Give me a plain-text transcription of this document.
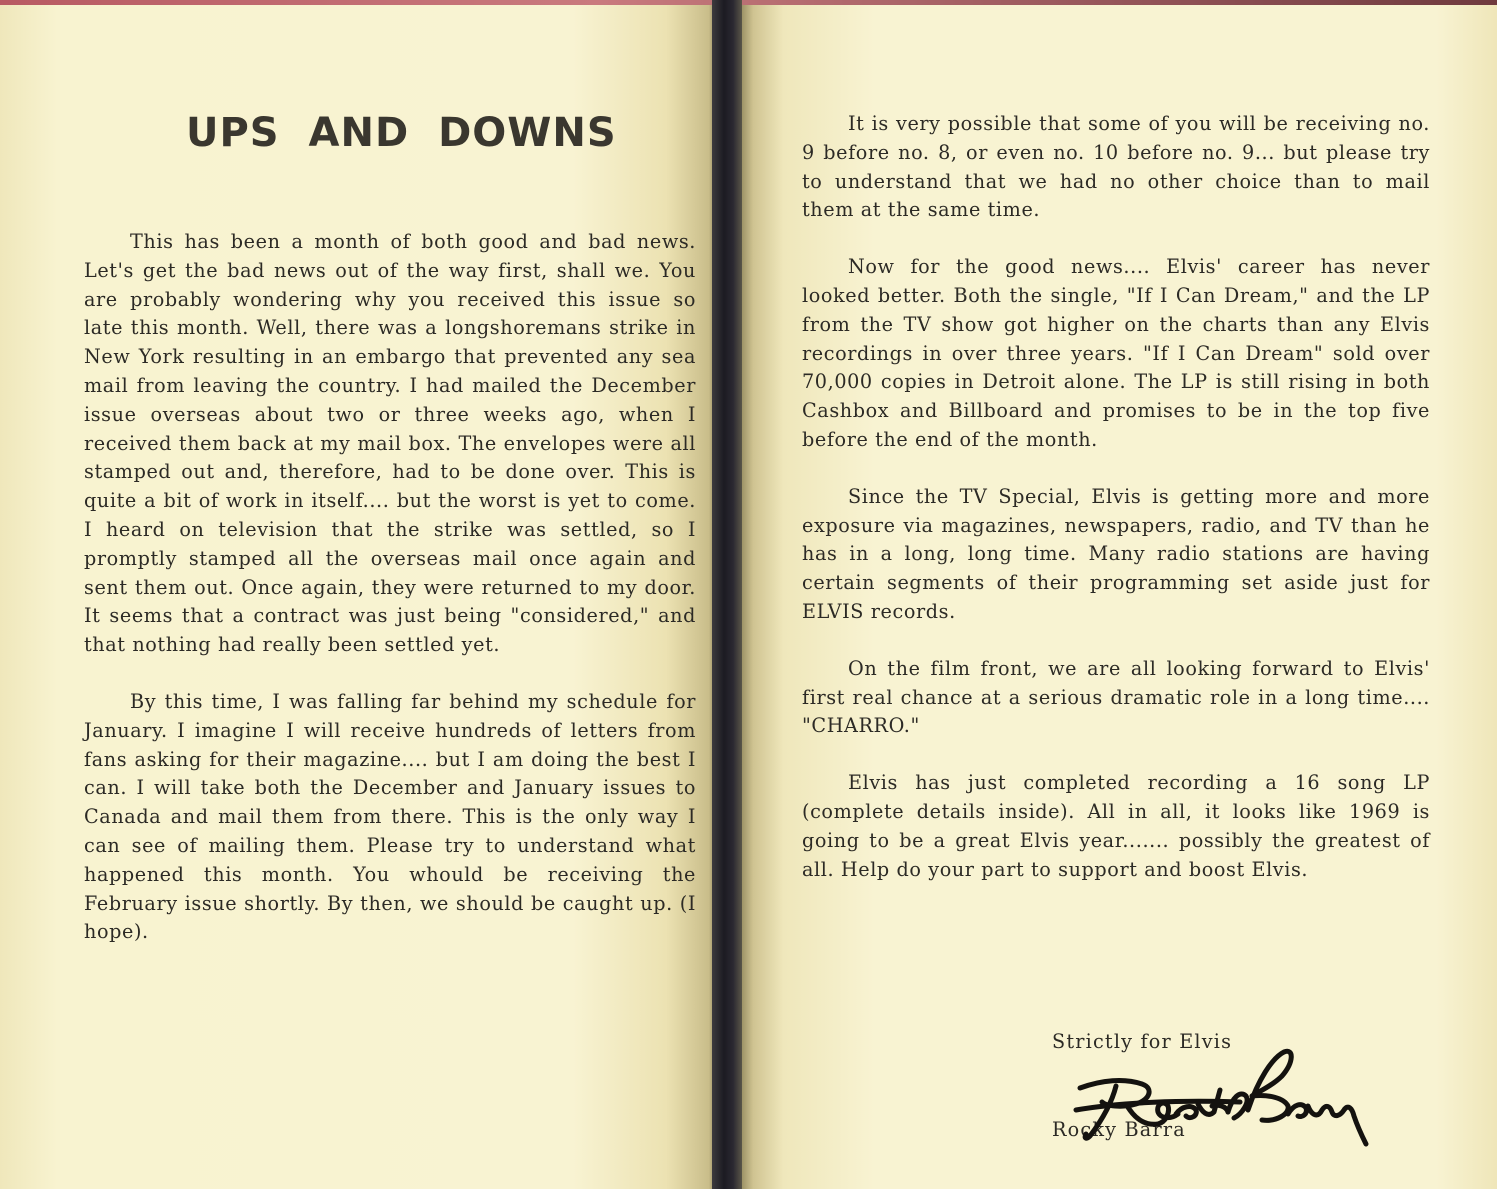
UPS AND DOWNS

This has been a month of both good and bad news. Let's get the bad news out of the way first, shall we. You are probably wondering why you received this issue so late this month. Well, there was a longshoremans strike in New York resulting in an embargo that prevented any sea mail from leaving the country. I had mailed the December issue overseas about two or three weeks ago, when I received them back at my mail box. The envelopes were all stamped out and, therefore, had to be done over. This is quite a bit of work in itself.... but the worst is yet to come. I heard on television that the strike was settled, so I promptly stamped all the overseas mail once again and sent them out. Once again, they were returned to my door. It seems that a contract was just being "considered," and that nothing had really been settled yet.

By this time, I was falling far behind my schedule for January. I imagine I will receive hundreds of letters from fans asking for their magazine.... but I am doing the best I can. I will take both the December and January issues to Canada and mail them from there. This is the only way I can see of mailing them. Please try to understand what happened this month. You whould be receiving the February issue shortly. By then, we should be caught up. (I hope).

It is very possible that some of you will be receiving no. 9 before no. 8, or even no. 10 before no. 9... but please try to understand that we had no other choice than to mail them at the same time.

Now for the good news.... Elvis' career has never looked better. Both the single, "If I Can Dream," and the LP from the TV show got higher on the charts than any Elvis recordings in over three years. "If I Can Dream" sold over 70,000 copies in Detroit alone. The LP is still rising in both Cashbox and Billboard and promises to be in the top five before the end of the month.

Since the TV Special, Elvis is getting more and more exposure via magazines, newspapers, radio, and TV than he has in a long, long time. Many radio stations are having certain segments of their programming set aside just for ELVIS records.

On the film front, we are all looking forward to Elvis' first real chance at a serious dramatic role in a long time.... "CHARRO."

Elvis has just completed recording a 16 song LP (complete details inside). All in all, it looks like 1969 is going to be a great Elvis year....... possibly the greatest of all. Help do your part to support and boost Elvis.

Strictly for Elvis
Rocky Barra
